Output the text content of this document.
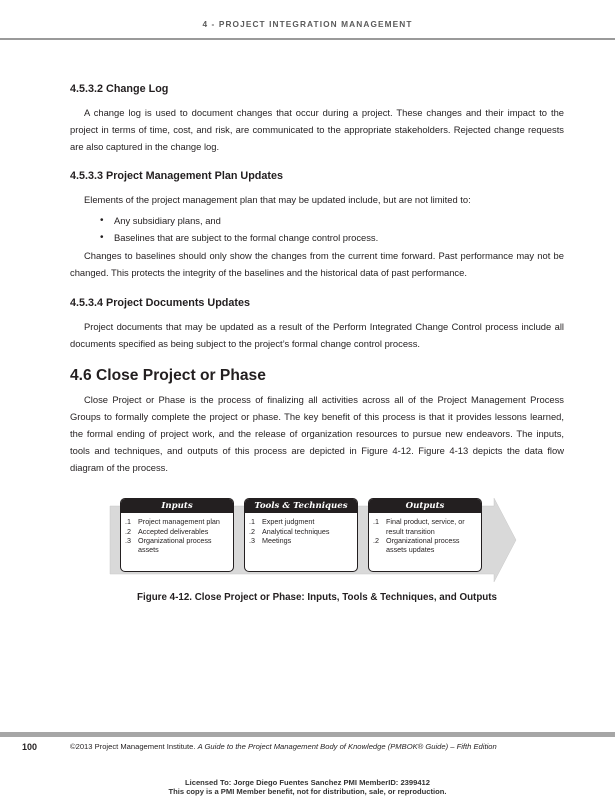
4 - PROJECT INTEGRATION MANAGEMENT
4.5.3.2 Change Log

A change log is used to document changes that occur during a project. These changes and their impact to the project in terms of time, cost, and risk, are communicated to the appropriate stakeholders. Rejected change requests are also captured in the change log.

4.5.3.3 Project Management Plan Updates

Elements of the project management plan that may be updated include, but are not limited to:

• Any subsidiary plans, and
• Baselines that are subject to the formal change control process.

Changes to baselines should only show the changes from the current time forward. Past performance may not be changed. This protects the integrity of the baselines and the historical data of past performance.

4.5.3.4 Project Documents Updates

Project documents that may be updated as a result of the Perform Integrated Change Control process include all documents specified as being subject to the project’s formal change control process.

4.6 Close Project or Phase

Close Project or Phase is the process of finalizing all activities across all of the Project Management Process Groups to formally complete the project or phase. The key benefit of this process is that it provides lessons learned, the formal ending of project work, and the release of organization resources to pursue new endeavors. The inputs, tools and techniques, and outputs of this process are depicted in Figure 4-12. Figure 4-13 depicts the data flow diagram of the process.

Inputs
.1 Project management plan
.2 Accepted deliverables
.3 Organizational process assets
Tools & Techniques
.1 Expert judgment
.2 Analytical techniques
.3 Meetings
Outputs
.1 Final product, service, or result transition
.2 Organizational process assets updates
Figure 4-12. Close Project or Phase: Inputs, Tools & Techniques, and Outputs
100	©2013 Project Management Institute. A Guide to the Project Management Body of Knowledge (PMBOK® Guide) – Fifth Edition
Licensed To: Jorge Diego Fuentes Sanchez PMI MemberID: 2399412
This copy is a PMI Member benefit, not for distribution, sale, or reproduction.
